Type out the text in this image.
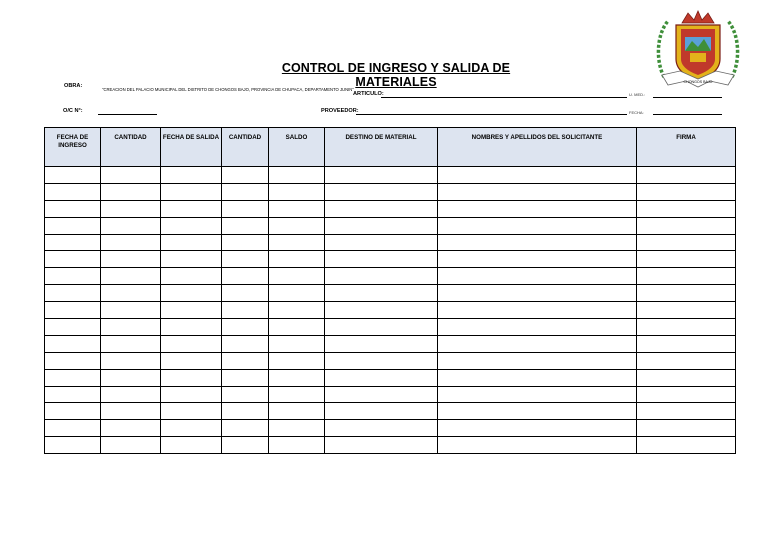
CHONGOS BAJO
CONTROL DE INGRESO Y SALIDA DE MATERIALES
OBRA:
"CREACION DEL PALACIO MUNICIPAL DEL DISTRITO DE CHONGOS BAJO, PROVINCIA DE CHUPACA, DEPARTAMENTO JUNIN"
ARTICULO:	U. MED.:
O/C N°:	PROVEEDOR:	FECHA:
FECHA DE INGRESO	CANTIDAD	FECHA DE SALIDA	CANTIDAD	SALDO	DESTINO DE MATERIAL	NOMBRES Y APELLIDOS DEL SOLICITANTE	FIRMA
